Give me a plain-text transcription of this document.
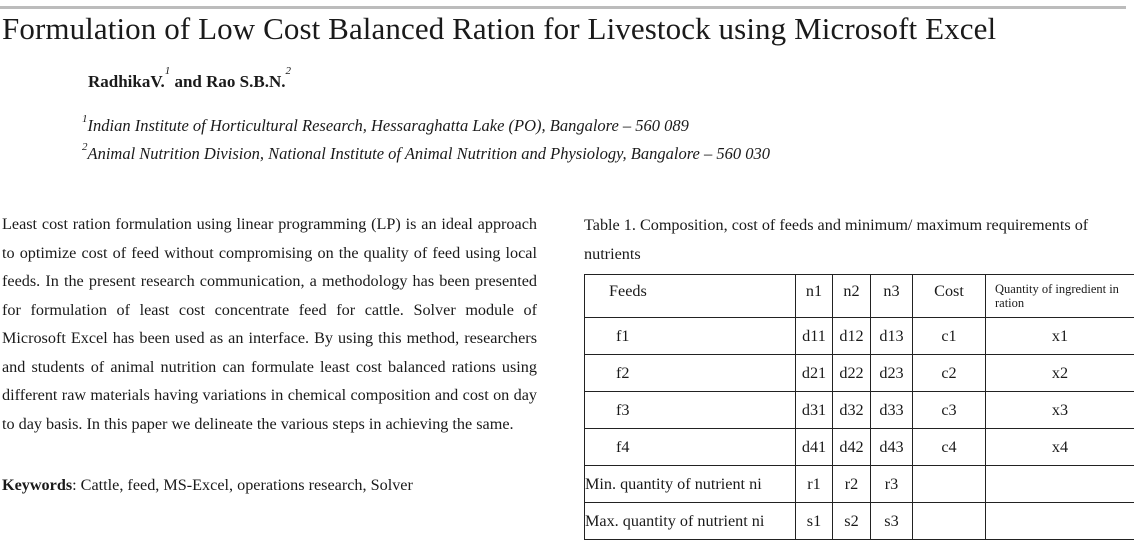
Formulation of Low Cost Balanced Ration for Livestock using Microsoft Excel
RadhikaV.$^1$ and Rao S.B.N.$^2$
$^1$Indian Institute of Horticultural Research, Hessaraghatta Lake (PO), Bangalore – 560 089
$^2$Animal Nutrition Division, National Institute of Animal Nutrition and Physiology, Bangalore – 560 030
Least cost ration formulation using linear programming (LP) is an ideal approach to optimize cost of feed without compromising on the quality of feed using local feeds. In the present research communication, a methodology has been presented for formulation of least cost concentrate feed for cattle. Solver module of Microsoft Excel has been used as an interface. By using this method, researchers and students of animal nutrition can formulate least cost balanced rations using different raw materials having variations in chemical composition and cost on day to day basis. In this paper we delineate the various steps in achieving the same.
Keywords: Cattle, feed, MS-Excel, operations research, Solver
Table 1. Composition, cost of feeds and minimum/ maximum requirements of nutrients
Feeds	n1	n2	n3	Cost	Quantity of ingredient in ration
f1	d11	d12	d13	c1	x1
f2	d21	d22	d23	c2	x2
f3	d31	d32	d33	c3	x3
f4	d41	d42	d43	c4	x4
Min. quantity of nutrient ni	r1	r2	r3		
Max. quantity of nutrient ni	s1	s2	s3		
